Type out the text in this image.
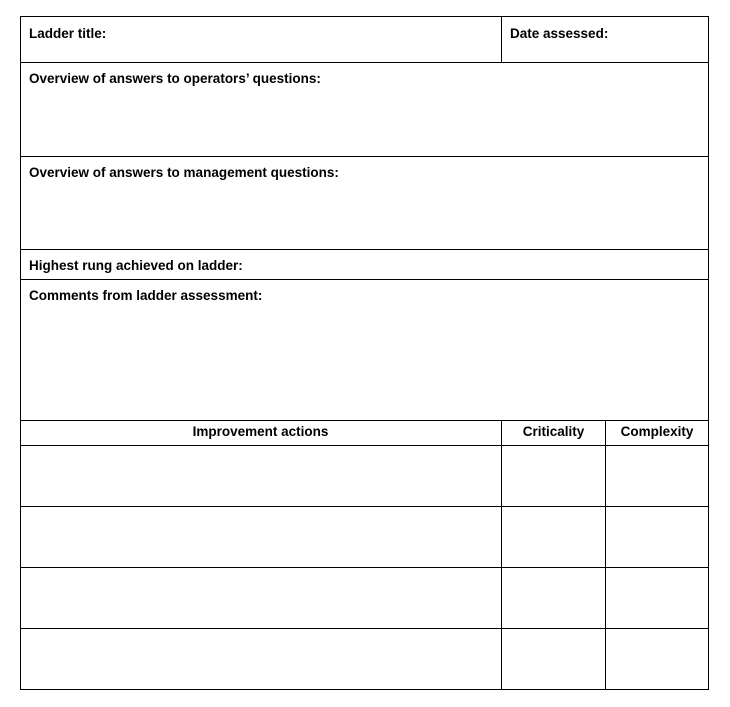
Ladder title:	Date assessed:
Overview of answers to operators’ questions:
Overview of answers to management questions:
Highest rung achieved on ladder:
Comments from ladder assessment:
Improvement actions	Criticality	Complexity
